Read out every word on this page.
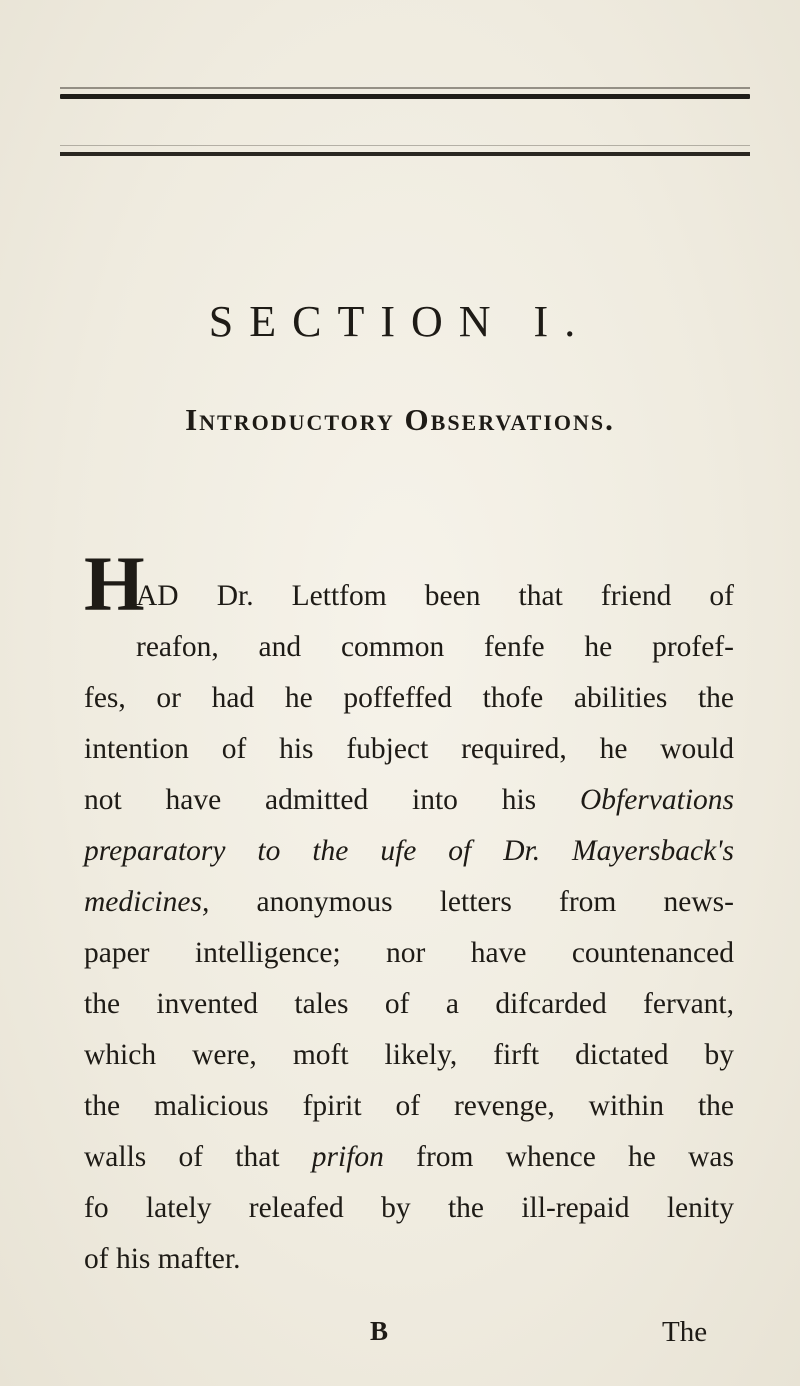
SECTION I.
Introductory Observations.
H
AD Dr. Lettfom been that friend of
reafon, and common fenfe he profef-
fes, or had he poffeffed thofe abilities the
intention of his fubject required, he would
not have admitted into his Obfervations
preparatory to the ufe of Dr. Mayersback's
medicines, anonymous letters from news-
paper intelligence; nor have countenanced
the invented tales of a difcarded fervant,
which were, moft likely, firft dictated by
the malicious fpirit of revenge, within the
walls of that prifon from whence he was
fo lately releafed by the ill-repaid lenity
of his mafter.
B	The
